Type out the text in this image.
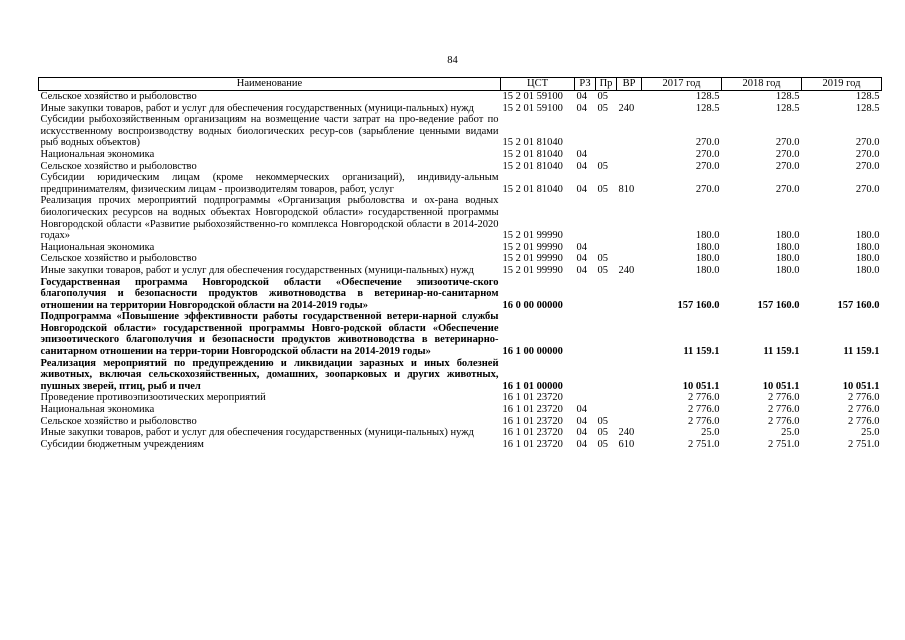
84
Наименование	ЦСТ	РЗ	Пр	ВР	2017 год	2018 год	2019 год
Сельское хозяйство и рыболовство	15 2 01 59100	04	05		128.5	128.5	128.5
Иные закупки товаров, работ и услуг для обеспечения государственных (муници-пальных) нужд	15 2 01 59100	04	05	240	128.5	128.5	128.5
Субсидии рыбохозяйственным организациям на возмещение части затрат на про-ведение работ по искусственному воспроизводству водных биологических ресур-сов (зарыбление ценными видами рыб водных объектов)	15 2 01 81040				270.0	270.0	270.0
Национальная экономика	15 2 01 81040	04			270.0	270.0	270.0
Сельское хозяйство и рыболовство	15 2 01 81040	04	05		270.0	270.0	270.0
Субсидии юридическим лицам (кроме некоммерческих организаций), индивиду-альным предпринимателям, физическим лицам - производителям товаров, работ, услуг	15 2 01 81040	04	05	810	270.0	270.0	270.0
Реализация прочих мероприятий подпрограммы «Организация рыболовства и ох-рана водных биологических ресурсов на водных объектах Новгородской области» государственной программы Новгородской области «Развитие рыбохозяйственно-го комплекса Новгородской области в 2014-2020 годах»	15 2 01 99990				180.0	180.0	180.0
Национальная экономика	15 2 01 99990	04			180.0	180.0	180.0
Сельское хозяйство и рыболовство	15 2 01 99990	04	05		180.0	180.0	180.0
Иные закупки товаров, работ и услуг для обеспечения государственных (муници-пальных) нужд	15 2 01 99990	04	05	240	180.0	180.0	180.0
Государственная программа Новгородской области «Обеспечение эпизоотиче-ского благополучия и безопасности продуктов животноводства в ветеринар-но-санитарном отношении на территории Новгородской области на 2014-2019 годы»	16 0 00 00000				157 160.0	157 160.0	157 160.0
Подпрограмма «Повышение эффективности работы государственной ветери-нарной службы Новгородской области» государственной программы Новго-родской области «Обеспечение эпизоотического благополучия и безопасности продуктов животноводства в ветеринарно-санитарном отношении на терри-тории Новгородской области на 2014-2019 годы»	16 1 00 00000				11 159.1	11 159.1	11 159.1
Реализация мероприятий по предупреждению и ликвидации заразных и иных болезней животных, включая сельскохозяйственных, домашних, зоопарковых и других животных, пушных зверей, птиц, рыб и пчел	16 1 01 00000				10 051.1	10 051.1	10 051.1
Проведение противоэпизоотических мероприятий	16 1 01 23720				2 776.0	2 776.0	2 776.0
Национальная экономика	16 1 01 23720	04			2 776.0	2 776.0	2 776.0
Сельское хозяйство и рыболовство	16 1 01 23720	04	05		2 776.0	2 776.0	2 776.0
Иные закупки товаров, работ и услуг для обеспечения государственных (муници-пальных) нужд	16 1 01 23720	04	05	240	25.0	25.0	25.0
Субсидии бюджетным учреждениям	16 1 01 23720	04	05	610	2 751.0	2 751.0	2 751.0
